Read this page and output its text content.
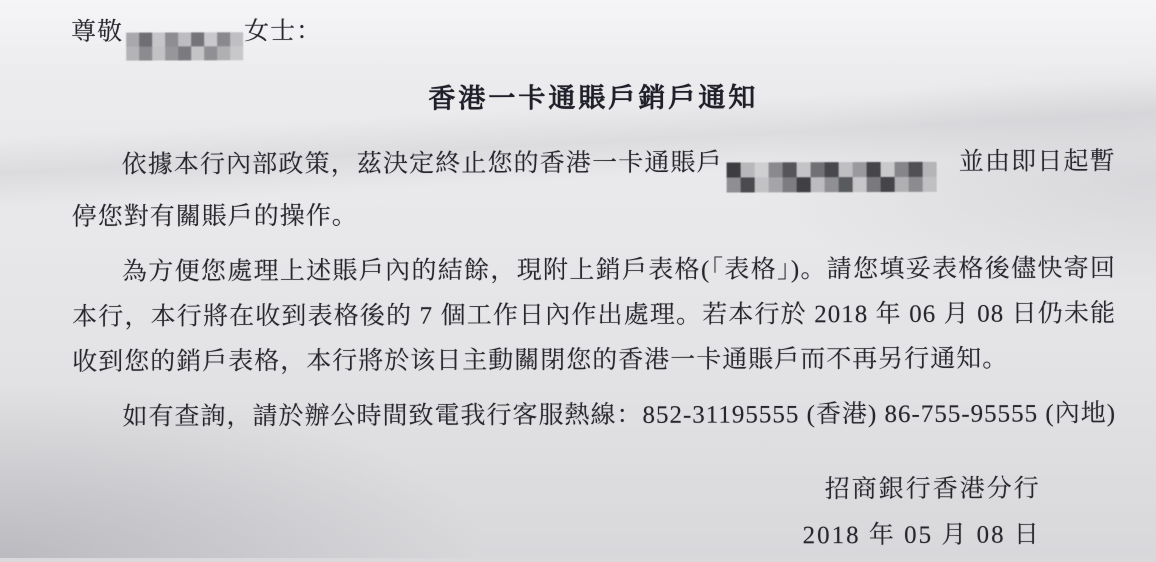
尊敬	女士：

香港一卡通賬戶銷戶通知

依據本行內部政策，茲決定終止您的香港一卡通賬戶	並由即日起暫停您對有關賬戶的操作。

為方便您處理上述賬戶內的結餘，現附上銷戶表格(「表格」)。請您填妥表格後儘快寄回本行，本行將在收到表格後的 7 個工作日內作出處理。若本行於 2018 年 06 月 08 日仍未能收到您的銷戶表格，本行將於该日主動關閉您的香港一卡通賬戶而不再另行通知。

如有查詢，請於辦公時間致電我行客服熱線：852-31195555 (香港) 86-755-95555 (內地)

招商銀行香港分行

2018 年 05 月 08 日
